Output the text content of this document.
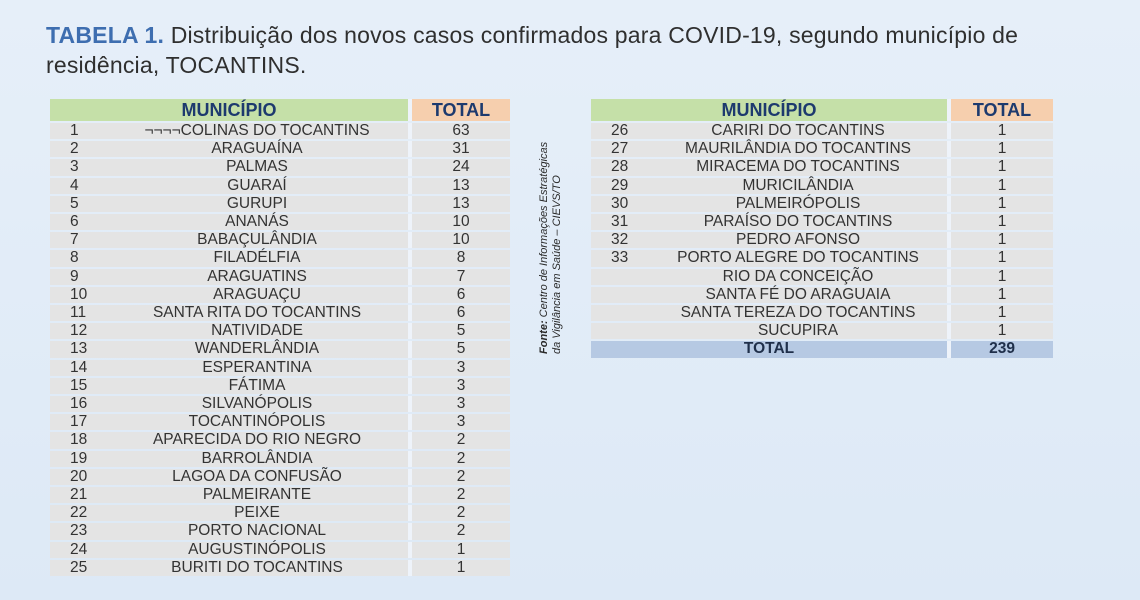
TABELA 1. Distribuição dos novos casos confirmados para COVID-19, segundo município de residência, TOCANTINS.
MUNICÍPIO		TOTAL
1	¬¬¬¬COLINAS DO TOCANTINS	63
2	ARAGUAÍNA	31
3	PALMAS	24
4	GUARAÍ	13
5	GURUPI	13
6	ANANÁS	10
7	BABAÇULÂNDIA	10
8	FILADÉLFIA	8
9	ARAGUATINS	7
10	ARAGUAÇU	6
11	SANTA RITA DO TOCANTINS	6
12	NATIVIDADE	5
13	WANDERLÂNDIA	5
14	ESPERANTINA	3
15	FÁTIMA	3
16	SILVANÓPOLIS	3
17	TOCANTINÓPOLIS	3
18	APARECIDA DO RIO NEGRO	2
19	BARROLÂNDIA	2
20	LAGOA DA CONFUSÃO	2
21	PALMEIRANTE	2
22	PEIXE	2
23	PORTO NACIONAL	2
24	AUGUSTINÓPOLIS	1
25	BURITI DO TOCANTINS	1
Fonte: Centro de Informações Estratégicas
da Vigilância em Saúde – CIEVS/TO
MUNICÍPIO		TOTAL
26	CARIRI DO TOCANTINS	1
27	MAURILÂNDIA DO TOCANTINS	1
28	MIRACEMA DO TOCANTINS	1
29	MURICILÂNDIA	1
30	PALMEIRÓPOLIS	1
31	PARAÍSO DO TOCANTINS	1
32	PEDRO AFONSO	1
33	PORTO ALEGRE DO TOCANTINS	1
	RIO DA CONCEIÇÃO	1
	SANTA FÉ DO ARAGUAIA	1
	SANTA TEREZA DO TOCANTINS	1
	SUCUPIRA	1
TOTAL		239
